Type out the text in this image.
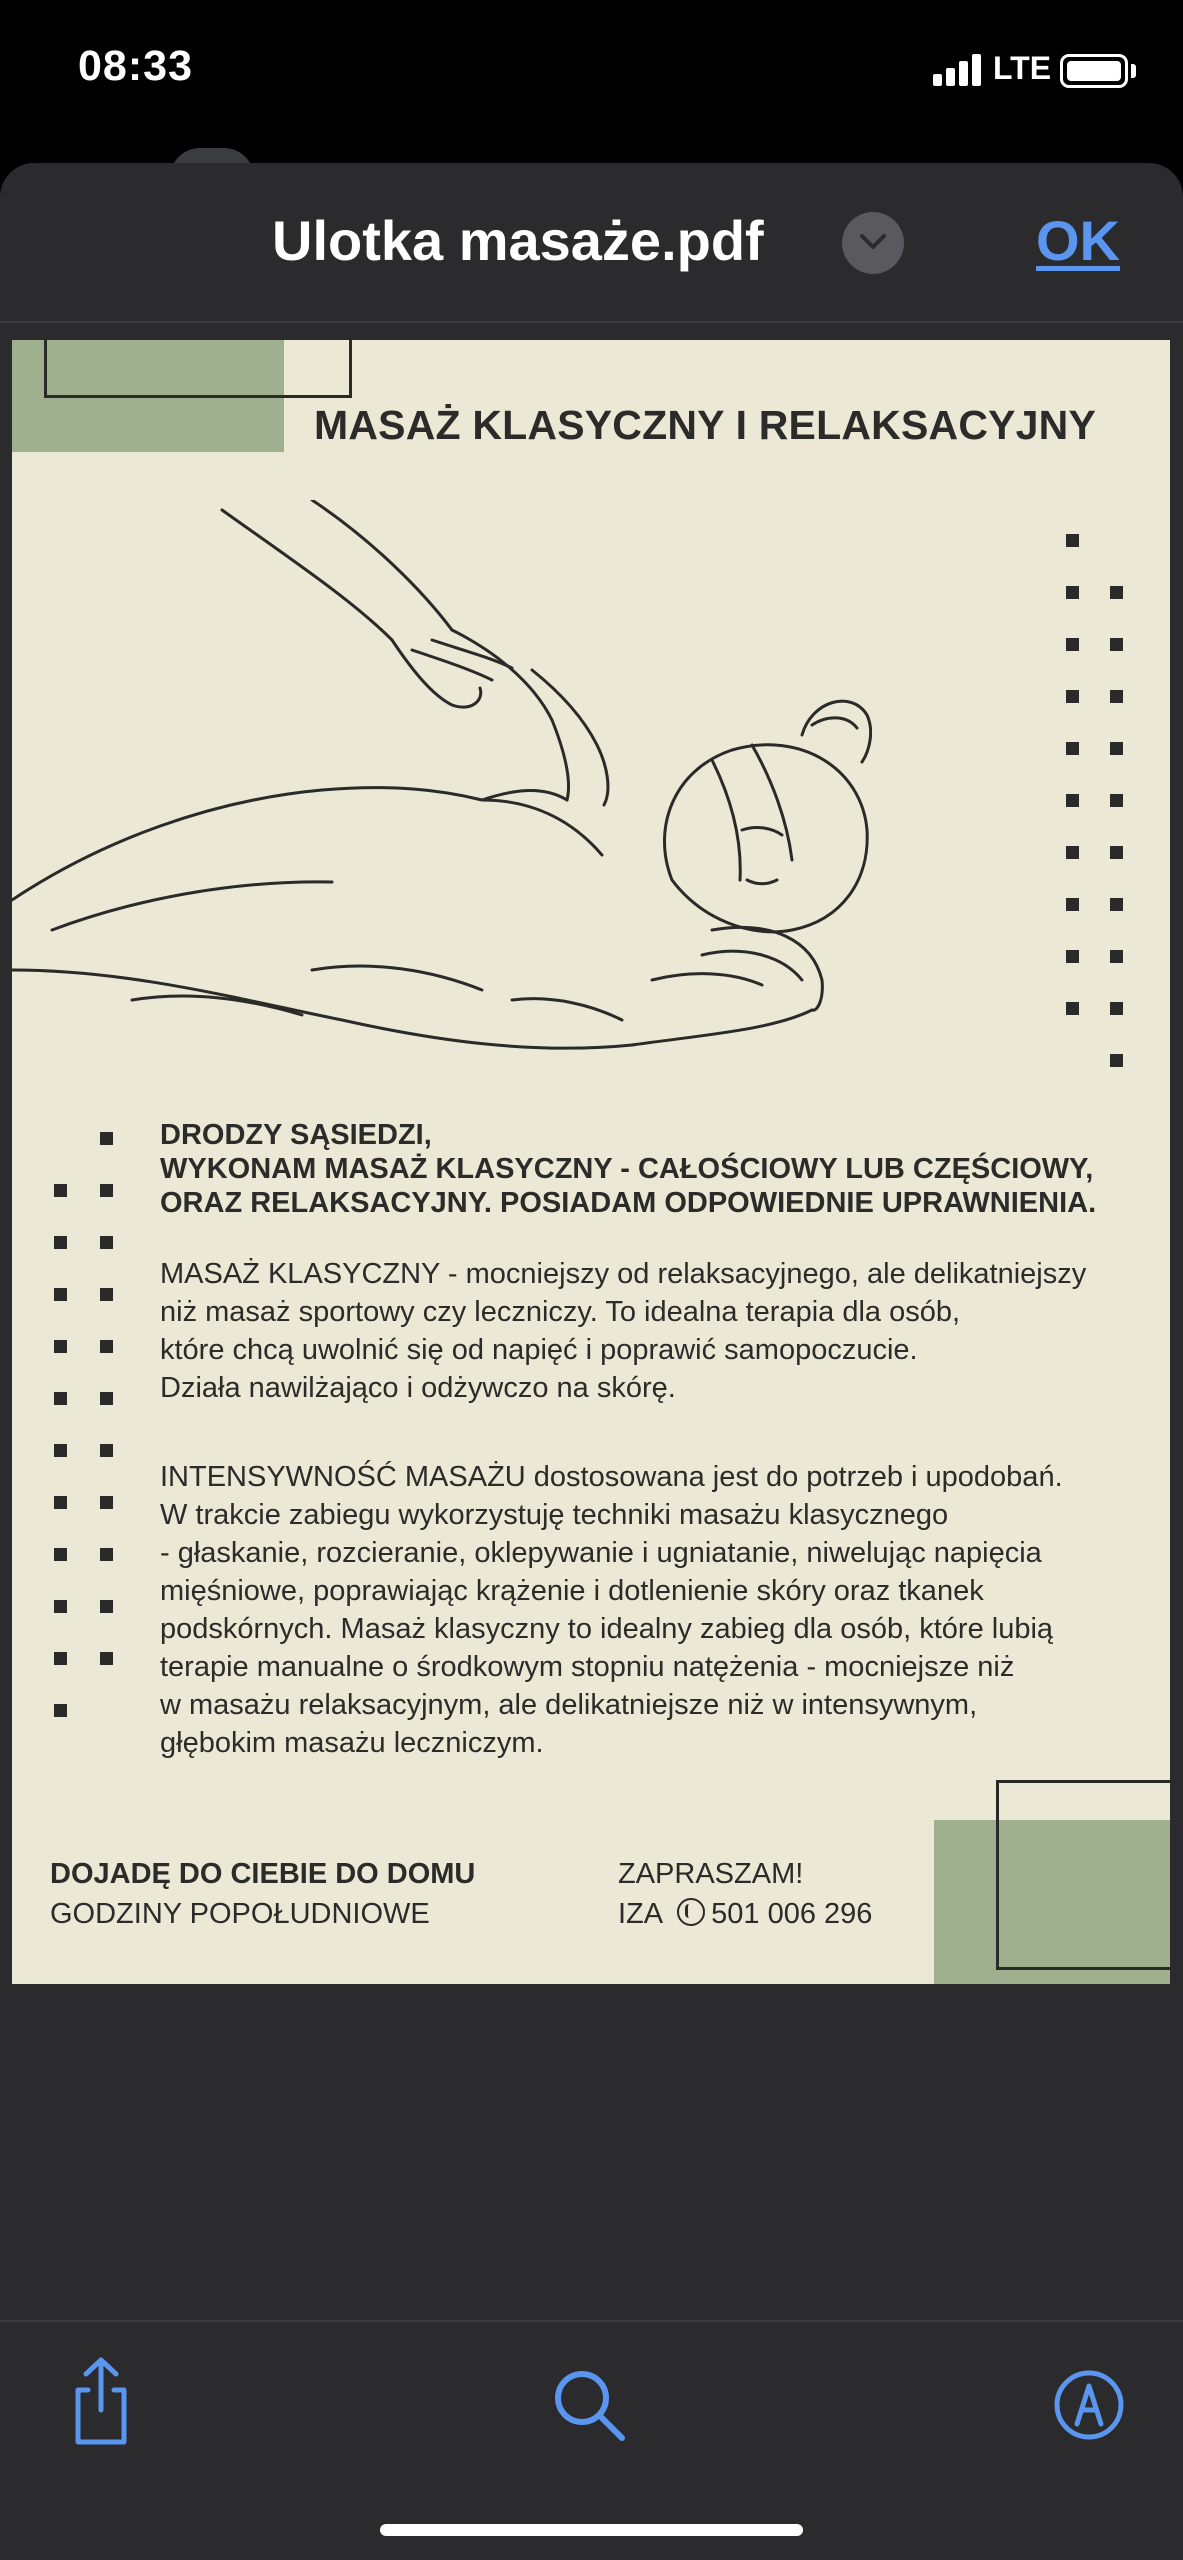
08:33	LTE
Ulotka masaże.pdf	OK
MASAŻ KLASYCZNY I RELAKSACYJNY
DRODZY SĄSIEDZI,
WYKONAM MASAŻ KLASYCZNY - CAŁOŚCIOWY LUB CZĘŚCIOWY,
ORAZ RELAKSACYJNY. POSIADAM ODPOWIEDNIE UPRAWNIENIA.
MASAŻ KLASYCZNY - mocniejszy od relaksacyjnego, ale delikatniejszy
niż masaż sportowy czy leczniczy. To idealna terapia dla osób,
które chcą uwolnić się od napięć i poprawić samopoczucie.
Działa nawilżająco i odżywczo na skórę.
INTENSYWNOŚĆ MASAŻU dostosowana jest do potrzeb i upodobań.
W trakcie zabiegu wykorzystuję techniki masażu klasycznego
- głaskanie, rozcieranie, oklepywanie i ugniatanie, niwelując napięcia
mięśniowe, poprawiając krążenie i dotlenienie skóry oraz tkanek
podskórnych. Masaż klasyczny to idealny zabieg dla osób, które lubią
terapie manualne o środkowym stopniu natężenia - mocniejsze niż
w masażu relaksacyjnym, ale delikatniejsze niż w intensywnym,
głębokim masażu leczniczym.
DOJADĘ DO CIEBIE DO DOMU
GODZINY POPOŁUDNIOWE
ZAPRASZAM!
IZA 501 006 296
